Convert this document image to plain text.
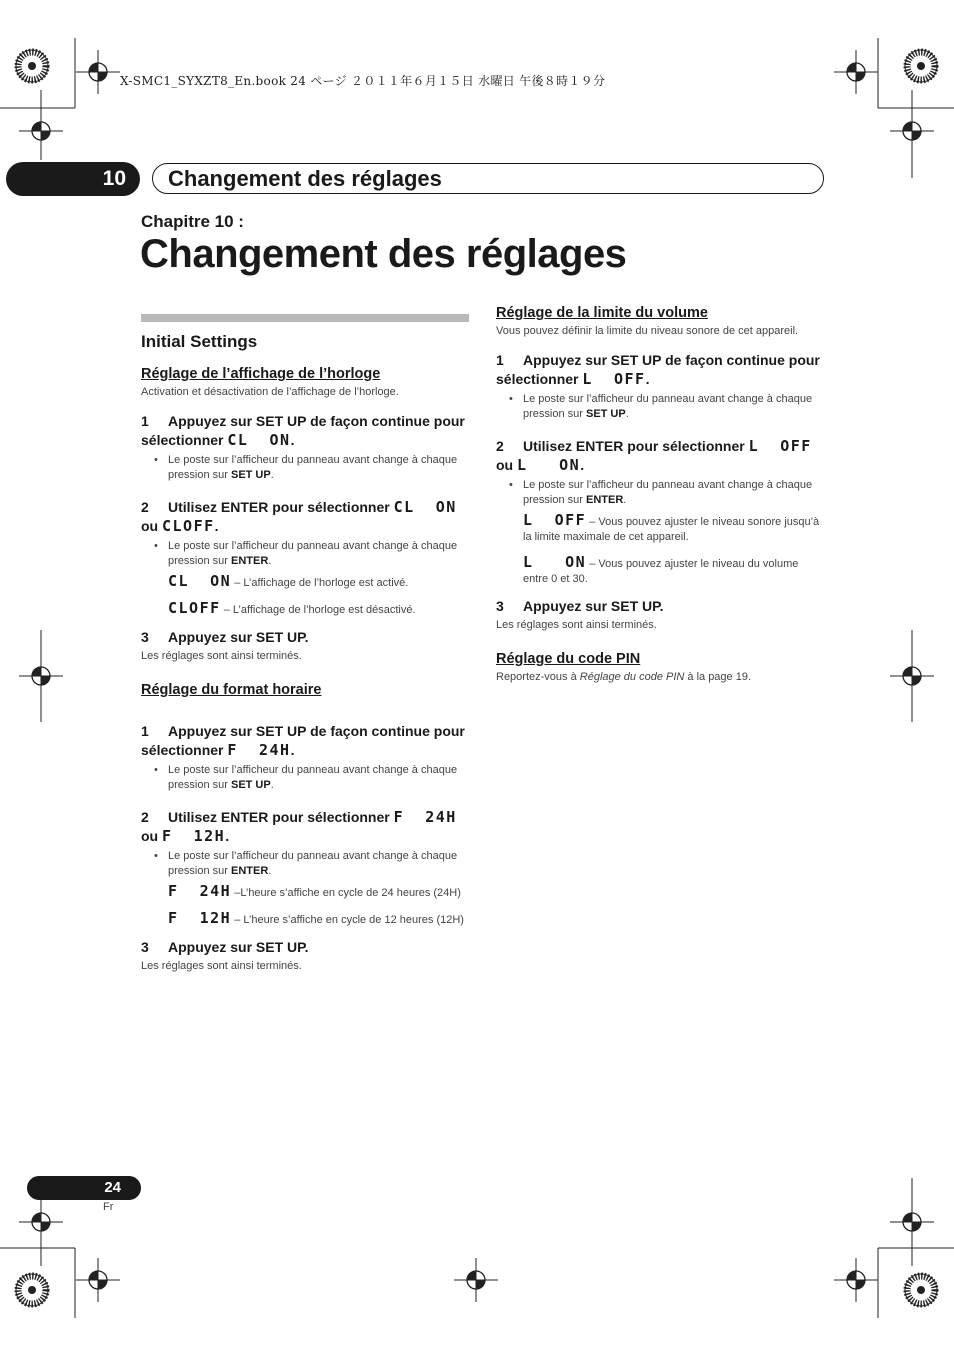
X-SMC1_SYXZT8_En.book 24 ページ ２０１１年６月１５日 水曜日 午後８時１９分
10	Changement des réglages
Chapitre 10 :
Changement des réglages
Initial Settings
Réglage de l’affichage de l’horloge

Activation et désactivation de l’affichage de l’horloge.

1 Appuyez sur SET UP de façon continue pour sélectionner CL  ON.

• Le poste sur l’afficheur du panneau avant change à chaque pression sur SET UP.

2 Utilisez ENTER pour sélectionner CL  ON ou CLOFF.

• Le poste sur l’afficheur du panneau avant change à chaque pression sur ENTER.

CL  ON – L’affichage de l’horloge est activé.

CLOFF – L’affichage de l’horloge est désactivé.

3 Appuyez sur SET UP.

Les réglages sont ainsi terminés.

Réglage du format horaire

1 Appuyez sur SET UP de façon continue pour sélectionner F  24H.

• Le poste sur l’afficheur du panneau avant change à chaque pression sur SET UP.

2 Utilisez ENTER pour sélectionner F  24H ou F  12H.

• Le poste sur l’afficheur du panneau avant change à chaque pression sur ENTER.

F  24H –L’heure s’affiche en cycle de 24 heures (24H)

F  12H – L’heure s’affiche en cycle de 12 heures (12H)

3 Appuyez sur SET UP.

Les réglages sont ainsi terminés.

Réglage de la limite du volume

Vous pouvez définir la limite du niveau sonore de cet appareil.

1 Appuyez sur SET UP de façon continue pour sélectionner L  OFF.

• Le poste sur l’afficheur du panneau avant change à chaque pression sur SET UP.

2 Utilisez ENTER pour sélectionner L  OFF ou L   ON.

• Le poste sur l’afficheur du panneau avant change à chaque pression sur ENTER.

L  OFF – Vous pouvez ajuster le niveau sonore jusqu’à la limite maximale de cet appareil.

L   ON – Vous pouvez ajuster le niveau du volume entre 0 et 30.

3 Appuyez sur SET UP.

Les réglages sont ainsi terminés.

Réglage du code PIN

Reportez-vous à Réglage du code PIN à la page 19.

24
Fr
